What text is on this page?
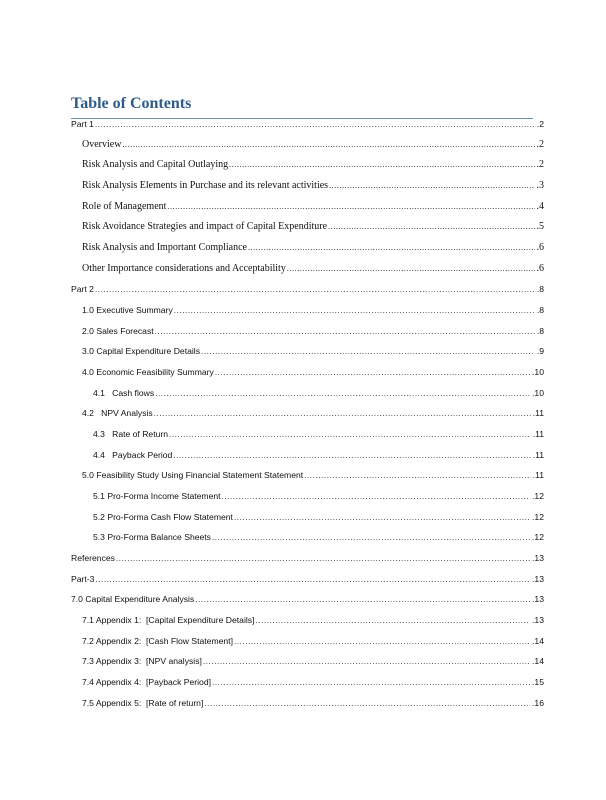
Table of Contents
Part 1 .....	.2
Overview .....	.2
Risk Analysis and Capital Outlaying .....	.2
Risk Analysis Elements in Purchase and its relevant activities .....	.3
Role of Management .....	.4
Risk Avoidance Strategies and impact of Capital Expenditure .....	.5
Risk Analysis and Important Compliance .....	.6
Other Importance considerations and Acceptability .....	.6
Part 2 .....	.8
1.0 Executive Summary .....	.8
2.0 Sales Forecast .....	.8
3.0 Capital Expenditure Details .....	.9
4.0 Economic Feasibility Summary .....	.10
4.1   Cash flows .....	.10
4.2   NPV Analysis .....	.11
4.3   Rate of Return .....	.11
4.4   Payback Period .....	.11
5.0 Feasibility Study Using Financial Statement Statement .....	.11
5.1 Pro-Forma Income Statement .....	.12
5.2 Pro-Forma Cash Flow Statement .....	.12
5.3 Pro-Forma Balance Sheets .....	.12
References .....	.13
Part-3 .....	.13
7.0 Capital Expenditure Analysis .....	.13
7.1 Appendix 1:  [Capital Expenditure Details] .....	.13
7.2 Appendix 2:  [Cash Flow Statement] .....	.14
7.3 Appendix 3:  [NPV analysis] .....	.14
7.4 Appendix 4:  [Payback Period] .....	.15
7.5 Appendix 5:  [Rate of return] .....	.16
